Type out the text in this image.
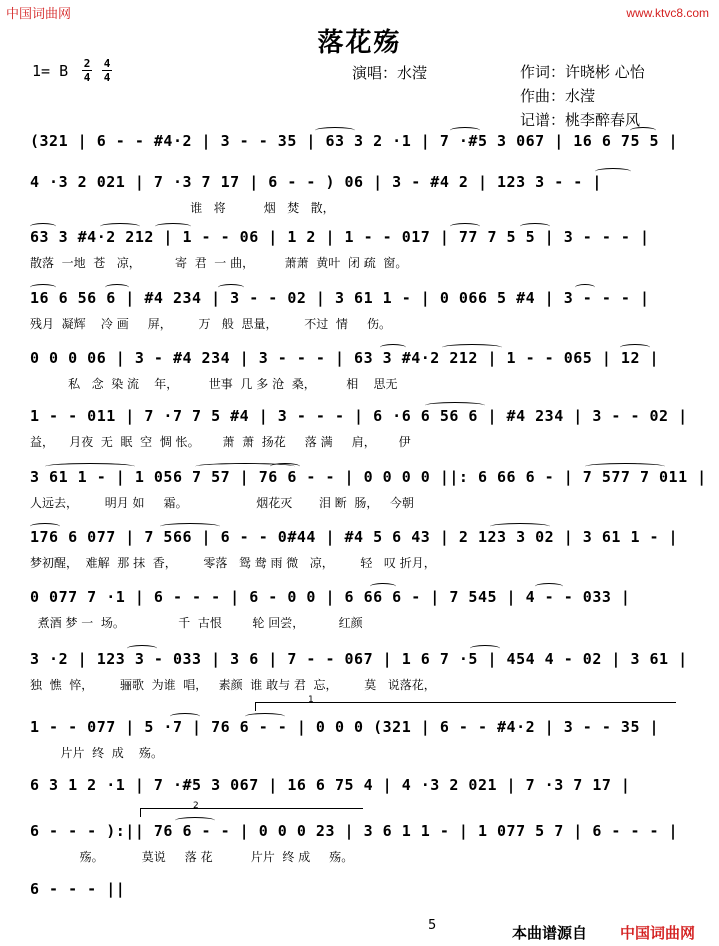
中国词曲网	www.ktvc8.com
落花殇
1= B 2
4
4
4	演唱：水滢	作词：许晓彬 心怡
作曲：水滢
记谱：桃李醉春风
(321 | 6 - - #4·2 | 3 - - 35 | 63 3 2 ·1 | 7 ·#5 3 067 | 16 6 75 5 |
4 ·3 2 021 | 7 ·3 7 17 | 6 - - ) 06 | 3 - #4 2 | 123 3 - - |
谁   将          烟   焚   散，
63 3 #4·2 212 | 1 - - 06 | 1 2 | 1 - - 017 | 77 7 5 5 | 3 - - - |
散落  一地  苍   凉，         寄  君  一 曲，        萧萧  黄叶  闭 疏  窗。
16 6 56 6 | #4 234 | 3 - - 02 | 3 61 1 - | 0 066 5 #4 | 3 - - - |
残月  凝辉    冷 画     屏，       万   般  思量，       不过  情     伤。
0 0 0 06 | 3 - #4 234 | 3 - - - | 63 3 #4·2 212 | 1 - - 065 | 12 |
私   念  染 流    年，        世事  几 多 沧  桑，        相    思无
1 - - 011 | 7 ·7 7 5 #4 | 3 - - - | 6 ·6 6 56 6 | #4 234 | 3 - - 02 |
益，    月夜  无  眠  空  惆 怅。      萧  萧  扬花     落 满     肩，      伊
3 61 1 - | 1 056 7 57 | 76 6 - - | 0 0 0 0 ||: 6 66 6 - | 7 577 7 011 |
人远去，       明月 如     霜。                  烟花灭       泪 断  肠，   今朝
176 6 077 | 7 566 | 6 - - 0#44 | #4 5 6 43 | 2 123 3 02 | 3 61 1 - |
梦初醒，  难解  那 抹  香，       零落   鸳 鸯 雨 微   凉，       轻   叹 折月，
0 077 7 ·1 | 6 - - - | 6 - 0 0 | 6 66 6 - | 7 545 | 4 - - 033 |
煮酒 梦 一  场。              千  古恨        轮 回尝，         红颜
3 ·2 | 123 3 - 033 | 3 6 | 7 - - 067 | 1 6 7 ·5 | 454 4 - 02 | 3 61 |
独  憔  悴，       骊歌  为谁  唱，   素颜  谁 敢与 君  忘，       莫   说落花，
1 - - 077 | 5 ·7 | 76 6 - - | 0 0 0 (321 | 6 - - #4·2 | 3 - - 35 |
片片  终  成    殇。
6 3 1 2 ·1 | 7 ·#5 3 067 | 16 6 75 4 | 4 ·3 2 021 | 7 ·3 7 17 |
6 - - - ):|| 76 6 - - | 0 0 0 23 | 3 6 1 1 - | 1 077 5 7 | 6 - - - |
殇。          莫说     落 花          片片  终 成     殇。
6 - - - ||
1
2
5	本曲谱源自 中国词曲网
